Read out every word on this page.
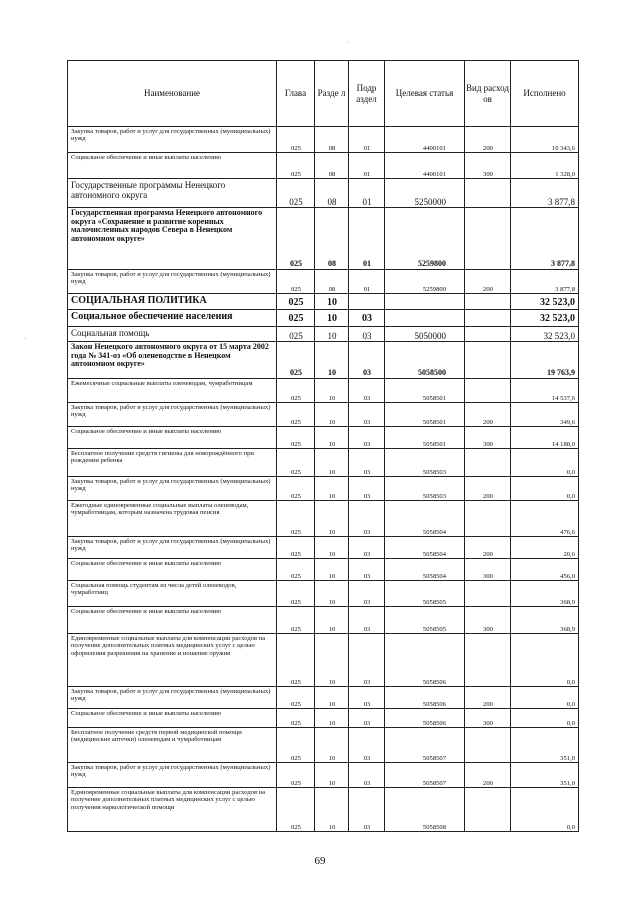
·
·
Наименование	Глава	Разде л	Подр аздел	Целевая статья	Вид расход ов	Исполнено
Закупка товаров, работ и услуг для государственных (муниципальных) нужд	025	08	01	4400101	200	10 343,6
Социальное обеспечение и иные выплаты населению	025	08	01	4400101	300	1 328,0
Государственные программы Ненецкого автономного округа	025	08	01	5250000		3 877,8
Государственная программа Ненецкого автономного округа «Сохранение и развитие коренных малочисленных народов Севера в Ненецком автономном округе»	025	08	01	5259800		3 877,8
Закупка товаров, работ и услуг для государственных (муниципальных) нужд	025	08	01	5259800	200	3 877,8
СОЦИАЛЬНАЯ ПОЛИТИКА	025	10				32 523,0
Социальное обеспечение населения	025	10	03			32 523,0
Социальная помощь	025	10	03	5050000		32 523,0
Закон Ненецкого автономного округа от 15 марта 2002 года № 341-оз «Об оленеводстве в Ненецком автономном округе»	025	10	03	5058500		19 763,9
Ежемесячные социальные выплаты оленеводам, чумработницам	025	10	03	5058501		14 537,6
Закупка товаров, работ и услуг для государственных (муниципальных) нужд	025	10	03	5058501	200	349,6
Социальное обеспечение и иные выплаты населению	025	10	03	5058501	300	14 188,0
Бесплатное получение средств гигиены для новорождённого при рождении ребенка	025	10	03	5058503		0,0
Закупка товаров, работ и услуг для государственных (муниципальных) нужд	025	10	03	5058503	200	0,0
Ежегодные единовременные социальные выплаты оленеводам, чумработницам, которым назначена трудовая пенсия	025	10	03	5058504		476,6
Закупка товаров, работ и услуг для государственных (муниципальных) нужд	025	10	03	5058504	200	20,6
Социальное обеспечение и иные выплаты населению	025	10	03	5058504	300	456,0
Социальная помощь студентам из числа детей оленеводов, чумработниц	025	10	03	5058505		368,9
Социальное обеспечение и иные выплаты населению	025	10	03	5058505	300	368,9
Единовременные социальные выплаты для компенсации расходов на получение дополнительных платных медицинских услуг с целью оформления разрешения на хранение и ношение оружия	025	10	03	5058506		0,0
Закупка товаров, работ и услуг для государственных (муниципальных) нужд	025	10	03	5058506	200	0,0
Социальное обеспечение и иные выплаты населению	025	10	03	5058506	300	0,0
Бесплатное получение средств первой медицинской помощи (медицинские аптечки) оленеводам и чумработницам	025	10	03	5058507		351,0
Закупка товаров, работ и услуг для государственных (муниципальных) нужд	025	10	03	5058507	200	351,0
Единовременные социальные выплаты для компенсации расходов на получение дополнительных платных медицинских услуг с целью получения наркологической помощи	025	10	03	5058508		0,0
69
